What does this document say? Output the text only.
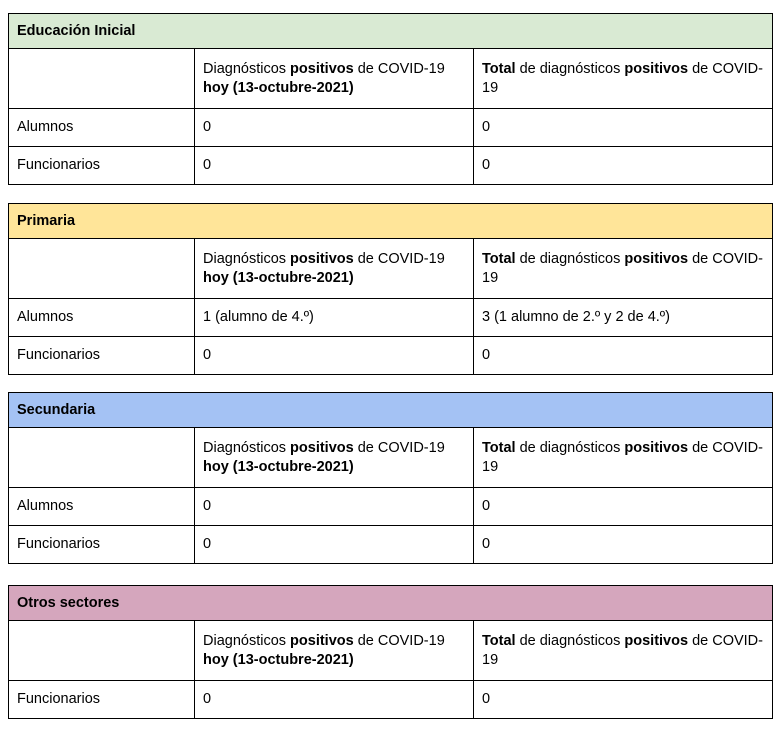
Educación Inicial		
	Diagnósticos positivos de COVID-19 hoy (13-octubre-2021)	Total de diagnósticos positivos de COVID-19
Alumnos	0	0
Funcionarios	0	0
Primaria		
	Diagnósticos positivos de COVID-19 hoy (13-octubre-2021)	Total de diagnósticos positivos de COVID-19
Alumnos	1 (alumno de 4.º)	3 (1 alumno de 2.º y 2 de 4.º)
Funcionarios	0	0
Secundaria		
	Diagnósticos positivos de COVID-19 hoy (13-octubre-2021)	Total de diagnósticos positivos de COVID-19
Alumnos	0	0
Funcionarios	0	0
Otros sectores		
	Diagnósticos positivos de COVID-19 hoy (13-octubre-2021)	Total de diagnósticos positivos de COVID-19
Funcionarios	0	0
